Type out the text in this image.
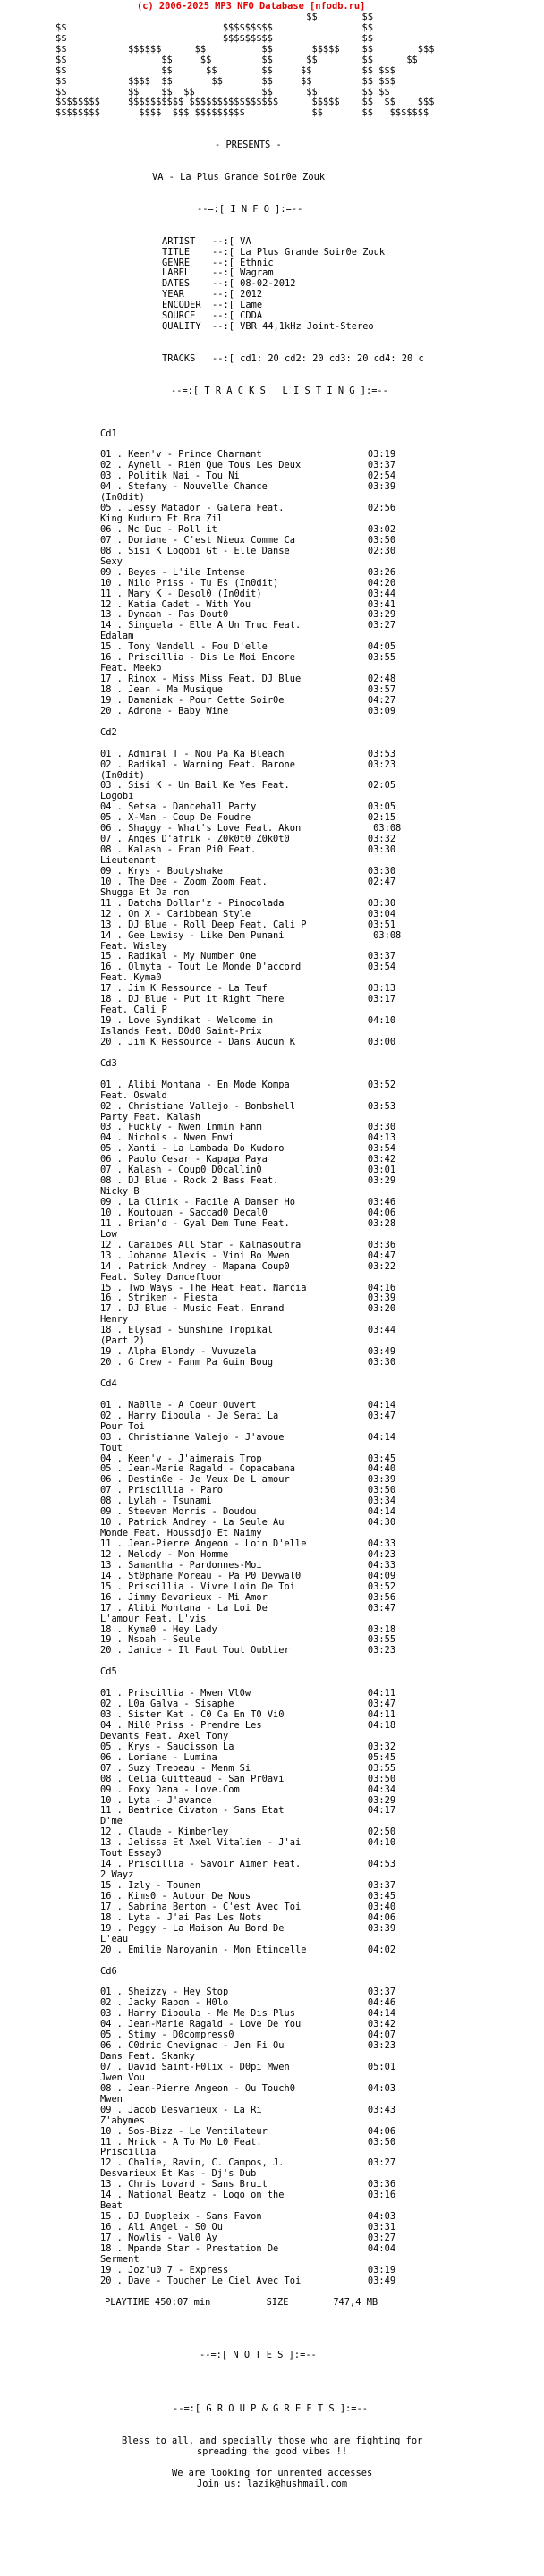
(c) 2006-2025 MP3 NFO Database [nfodb.ru]
$$        $$
$$                            $$$$$$$$$                $$
$$                            $$$$$$$$$                $$
$$           $$$$$$      $$          $$       $$$$$    $$        $$$
$$                 $$     $$         $$      $$        $$      $$
$$                 $$      $$        $$     $$         $$ $$$
$$           $$$$  $$       $$       $$     $$         $$ $$$
$$           $$    $$  $$            $$      $$        $$ $$
$$$$$$$$     $$$$$$$$$$ $$$$$$$$$$$$$$$$      $$$$$    $$  $$    $$$
$$$$$$$$       $$$$  $$$ $$$$$$$$$            $$       $$   $$$$$$$
- PRESENTS -
VA - La Plus Grande Soir0e Zouk
--=:[ I N F O ]:=--
ARTIST   --:[ VA
TITLE    --:[ La Plus Grande Soir0e Zouk
GENRE    --:[ Ethnic
LABEL    --:[ Wagram
DATES    --:[ 08-02-2012
YEAR     --:[ 2012
ENCODER  --:[ Lame
SOURCE   --:[ CDDA
QUALITY  --:[ VBR 44,1kHz Joint-Stereo
TRACKS   --:[ cd1: 20 cd2: 20 cd3: 20 cd4: 20 c
--=:[ T R A C K S   L I S T I N G ]:=--
Cd1
01 . Keen'v - Prince Charmant                   03:19
02 . Aynell - Rien Que Tous Les Deux            03:37
03 . Politik Nai - Tou Ni                       02:54
04 . Stefany - Nouvelle Chance                  03:39
(In0dit)
05 . Jessy Matador - Galera Feat.               02:56
King Kuduro Et Bra Zil
06 . Mc Duc - Roll it                           03:02
07 . Doriane - C'est Nieux Comme Ca             03:50
08 . Sisi K Logobi Gt - Elle Danse              02:30
Sexy
09 . Beyes - L'ile Intense                      03:26
10 . Nilo Priss - Tu Es (In0dit)                04:20
11 . Mary K - Desol0 (In0dit)                   03:44
12 . Katia Cadet - With You                     03:41
13 . Dynaah - Pas Dout0                         03:29
14 . Singuela - Elle A Un Truc Feat.            03:27
Edalam
15 . Tony Nandell - Fou D'elle                  04:05
16 . Priscillia - Dis Le Moi Encore             03:55
Feat. Meeko
17 . Rinox - Miss Miss Feat. DJ Blue            02:48
18 . Jean - Ma Musique                          03:57
19 . Damaniak - Pour Cette Soir0e               04:27
20 . Adrone - Baby Wine                         03:09
Cd2
01 . Admiral T - Nou Pa Ka Bleach               03:53
02 . Radikal - Warning Feat. Barone             03:23
(In0dit)
03 . Sisi K - Un Bail Ke Yes Feat.              02:05
Logobi
04 . Setsa - Dancehall Party                    03:05
05 . X-Man - Coup De Foudre                     02:15
06 . Shaggy - What's Love Feat. Akon             03:08
07 . Anges D'afrik - Z0k0t0 Z0k0t0              03:32
08 . Kalash - Fran Pi0 Feat.                    03:30
Lieutenant
09 . Krys - Bootyshake                          03:30
10 . The Dee - Zoom Zoom Feat.                  02:47
Shugga Et Da ron
11 . Datcha Dollar'z - Pinocolada               03:30
12 . On X - Caribbean Style                     03:04
13 . DJ Blue - Roll Deep Feat. Cali P           03:51
14 . Gee Lewisy - Like Dem Punani                03:08
Feat. Wisley
15 . Radikal - My Number One                    03:37
16 . Olmyta - Tout Le Monde D'accord            03:54
Feat. Kyma0
17 . Jim K Ressource - La Teuf                  03:13
18 . DJ Blue - Put it Right There               03:17
Feat. Cali P
19 . Love Syndikat - Welcome in                 04:10
Islands Feat. D0d0 Saint-Prix
20 . Jim K Ressource - Dans Aucun K             03:00
Cd3
01 . Alibi Montana - En Mode Kompa              03:52
Feat. Oswald
02 . Christiane Vallejo - Bombshell             03:53
Party Feat. Kalash
03 . Fuckly - Nwen Inmin Fanm                   03:30
04 . Nichols - Nwen Enwi                        04:13
05 . Xanti - La Lambada Do Kudoro               03:54
06 . Paolo Cesar - Kapapa Paya                  03:42
07 . Kalash - Coup0 D0callin0                   03:01
08 . DJ Blue - Rock 2 Bass Feat.                03:29
Nicky B
09 . La Clinik - Facile A Danser Ho             03:46
10 . Koutouan - Saccad0 Decal0                  04:06
11 . Brian'd - Gyal Dem Tune Feat.              03:28
Low
12 . Caraibes All Star - Kalmasoutra            03:36
13 . Johanne Alexis - Vini Bo Mwen              04:47
14 . Patrick Andrey - Mapana Coup0              03:22
Feat. Soley Dancefloor
15 . Two Ways - The Heat Feat. Narcia           04:16
16 . Striken - Fiesta                           03:39
17 . DJ Blue - Music Feat. Emrand               03:20
Henry
18 . Elysad - Sunshine Tropikal                 03:44
(Part 2)
19 . Alpha Blondy - Vuvuzela                    03:49
20 . G Crew - Fanm Pa Guin Boug                 03:30
Cd4
01 . Na0lle - A Coeur Ouvert                    04:14
02 . Harry Diboula - Je Serai La                03:47
Pour Toi
03 . Christianne Valejo - J'avoue               04:14
Tout
04 . Keen'v - J'aimerais Trop                   03:45
05 . Jean-Marie Ragald - Copacabana             04:40
06 . Destin0e - Je Veux De L'amour              03:39
07 . Priscillia - Paro                          03:50
08 . Lylah - Tsunami                            03:34
09 . Steeven Morris - Doudou                    04:14
10 . Patrick Andrey - La Seule Au               04:30
Monde Feat. Houssdjo Et Naimy
11 . Jean-Pierre Angeon - Loin D'elle           04:33
12 . Melody - Mon Homme                         04:23
13 . Samantha - Pardonnes-Moi                   04:33
14 . St0phane Moreau - Pa P0 Devwal0            04:09
15 . Priscillia - Vivre Loin De Toi             03:52
16 . Jimmy Devarieux - Mi Amor                  03:56
17 . Alibi Montana - La Loi De                  03:47
L'amour Feat. L'vis
18 . Kyma0 - Hey Lady                           03:18
19 . Nsoah - Seule                              03:55
20 . Janice - Il Faut Tout Oublier              03:23
Cd5
01 . Priscillia - Mwen Vl0w                     04:11
02 . L0a Galva - Sisaphe                        03:47
03 . Sister Kat - C0 Ca En T0 Vi0               04:11
04 . Mil0 Priss - Prendre Les                   04:18
Devants Feat. Axel Tony
05 . Krys - Saucisson La                        03:32
06 . Loriane - Lumina                           05:45
07 . Suzy Trebeau - Menm Si                     03:55
08 . Celia Guitteaud - San Pr0avi               03:50
09 . Foxy Dana - Love.Com                       04:34
10 . Lyta - J'avance                            03:29
11 . Beatrice Civaton - Sans Etat               04:17
D'me
12 . Claude - Kimberley                         02:50
13 . Jelissa Et Axel Vitalien - J'ai            04:10
Tout Essay0
14 . Priscillia - Savoir Aimer Feat.            04:53
2 Wayz
15 . Izly - Tounen                              03:37
16 . Kims0 - Autour De Nous                     03:45
17 . Sabrina Berton - C'est Avec Toi            03:40
18 . Lyta - J'ai Pas Les Nots                   04:06
19 . Peggy - La Maison Au Bord De               03:39
L'eau
20 . Emilie Naroyanin - Mon Etincelle           04:02
Cd6
01 . Sheizzy - Hey Stop                         03:37
02 . Jacky Rapon - H0lo                         04:46
03 . Harry Diboula - Me Me Dis Plus             04:14
04 . Jean-Marie Ragald - Love De You            03:42
05 . Stimy - D0compress0                        04:07
06 . C0dric Chevignac - Jen Fi Ou               03:23
Dans Feat. Skanky
07 . David Saint-F0lix - D0pi Mwen              05:01
Jwen Vou
08 . Jean-Pierre Angeon - Ou Touch0             04:03
Mwen
09 . Jacob Desvarieux - La Ri                   03:43
Z'abymes
10 . Sos-Bizz - Le Ventilateur                  04:06
11 . Mrick - A To Mo L0 Feat.                   03:50
Priscillia
12 . Chalie, Ravin, C. Campos, J.               03:27
Desvarieux Et Kas - Dj's Dub
13 . Chris Lovard - Sans Bruit                  03:36
14 . National Beatz - Logo on the               03:16
Beat
15 . DJ Duppleix - Sans Favon                   04:03
16 . Ali Angel - S0 Ou                          03:31
17 . Nowlis - Val0 Ay                           03:27
18 . Mpande Star - Prestation De                04:04
Serment
19 . Joz'u0 7 - Express                         03:19
20 . Dave - Toucher Le Ciel Avec Toi            03:49
PLAYTIME 450:07 min          SIZE        747,4 MB
--=:[ N O T E S ]:=--
--=:[ G R O U P & G R E E T S ]:=--
Bless to all, and specially those who are fighting for
spreading the good vibes !!
We are looking for unrented accesses
Join us: lazik@hushmail.com
